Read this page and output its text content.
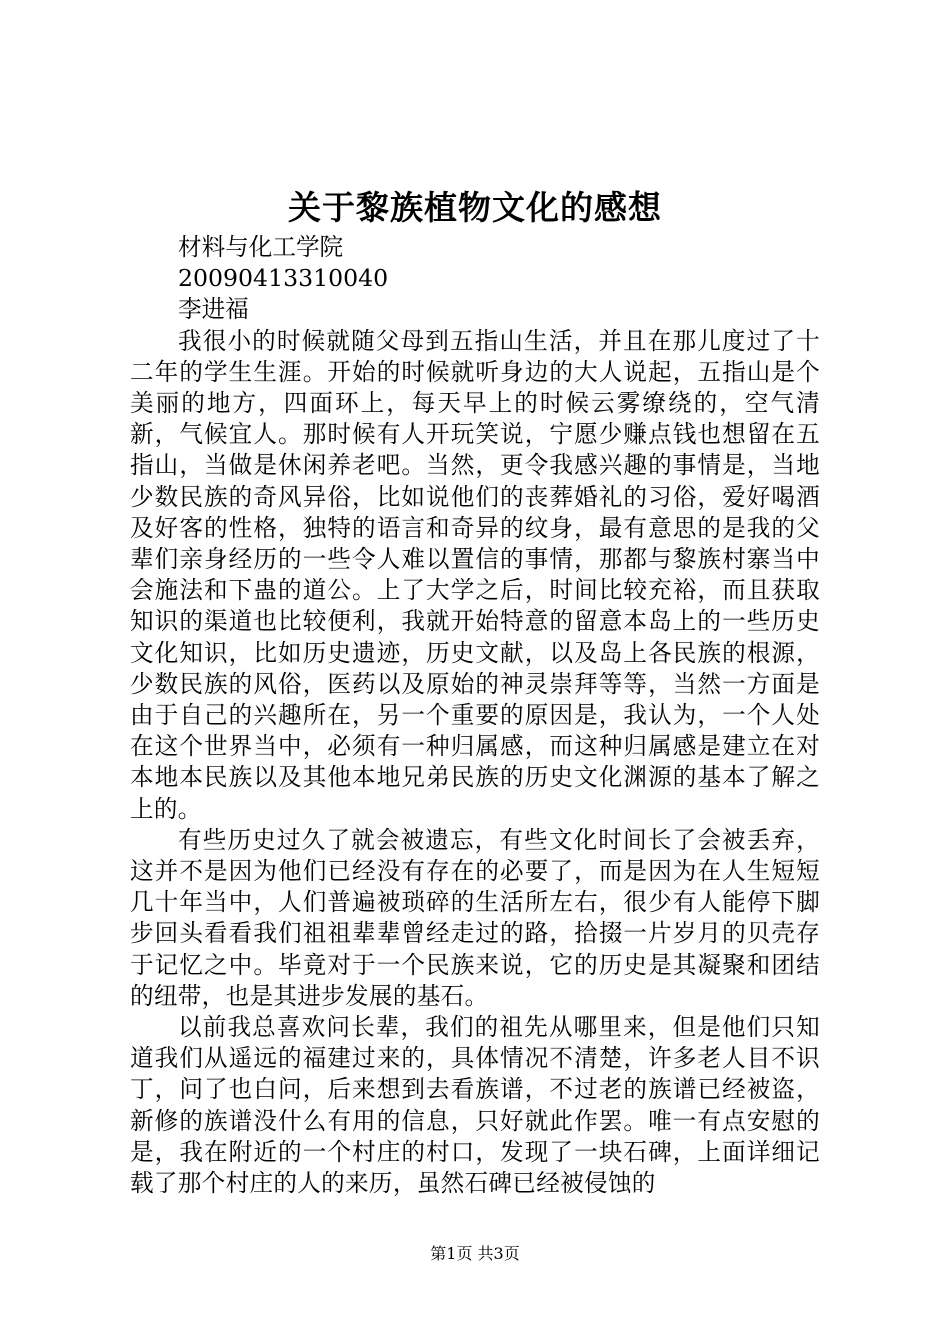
关于黎族植物文化的感想

材料与化工学院

20090413310040

李进福

我很小的时候就随父母到五指山生活，并且在那儿度过了十二年的学生生涯。开始的时候就听身边的大人说起，五指山是个美丽的地方，四面环上，每天早上的时候云雾缭绕的，空气清新，气候宜人。那时候有人开玩笑说，宁愿少赚点钱也想留在五指山，当做是休闲养老吧。当然，更令我感兴趣的事情是，当地少数民族的奇风异俗，比如说他们的丧葬婚礼的习俗，爱好喝酒及好客的性格，独特的语言和奇异的纹身，最有意思的是我的父辈们亲身经历的一些令人难以置信的事情，那都与黎族村寨当中会施法和下蛊的道公。上了大学之后，时间比较充裕，而且获取知识的渠道也比较便利，我就开始特意的留意本岛上的一些历史文化知识，比如历史遗迹，历史文献，以及岛上各民族的根源，少数民族的风俗，医药以及原始的神灵崇拜等等，当然一方面是由于自己的兴趣所在，另一个重要的原因是，我认为，一个人处在这个世界当中，必须有一种归属感，而这种归属感是建立在对本地本民族以及其他本地兄弟民族的历史文化渊源的基本了解之上的。

有些历史过久了就会被遗忘，有些文化时间长了会被丢弃，这并不是因为他们已经没有存在的必要了，而是因为在人生短短几十年当中，人们普遍被琐碎的生活所左右，很少有人能停下脚步回头看看我们祖祖辈辈曾经走过的路，拾掇一片岁月的贝壳存于记忆之中。毕竟对于一个民族来说，它的历史是其凝聚和团结的纽带，也是其进步发展的基石。

以前我总喜欢问长辈，我们的祖先从哪里来，但是他们只知道我们从遥远的福建过来的，具体情况不清楚，许多老人目不识丁，问了也白问，后来想到去看族谱，不过老的族谱已经被盗，新修的族谱没什么有用的信息，只好就此作罢。唯一有点安慰的是，我在附近的一个村庄的村口，发现了一块石碑，上面详细记载了那个村庄的人的来历，虽然石碑已经被侵蚀的

第1页 共3页
